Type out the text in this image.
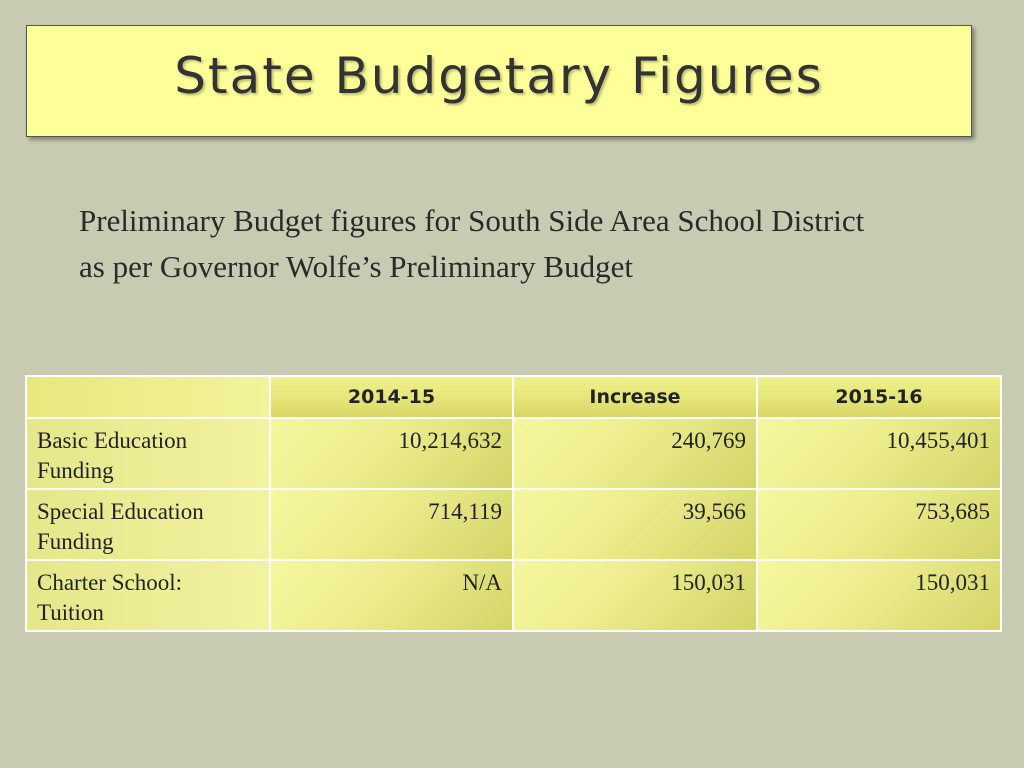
State Budgetary Figures
Preliminary Budget figures for South Side Area School District
as per Governor Wolfe’s Preliminary Budget
	2014-15	Increase	2015-16
Basic Education
Funding	10,214,632	240,769	10,455,401
Special Education
Funding	714,119	39,566	753,685
Charter School:
Tuition	N/A	150,031	150,031
